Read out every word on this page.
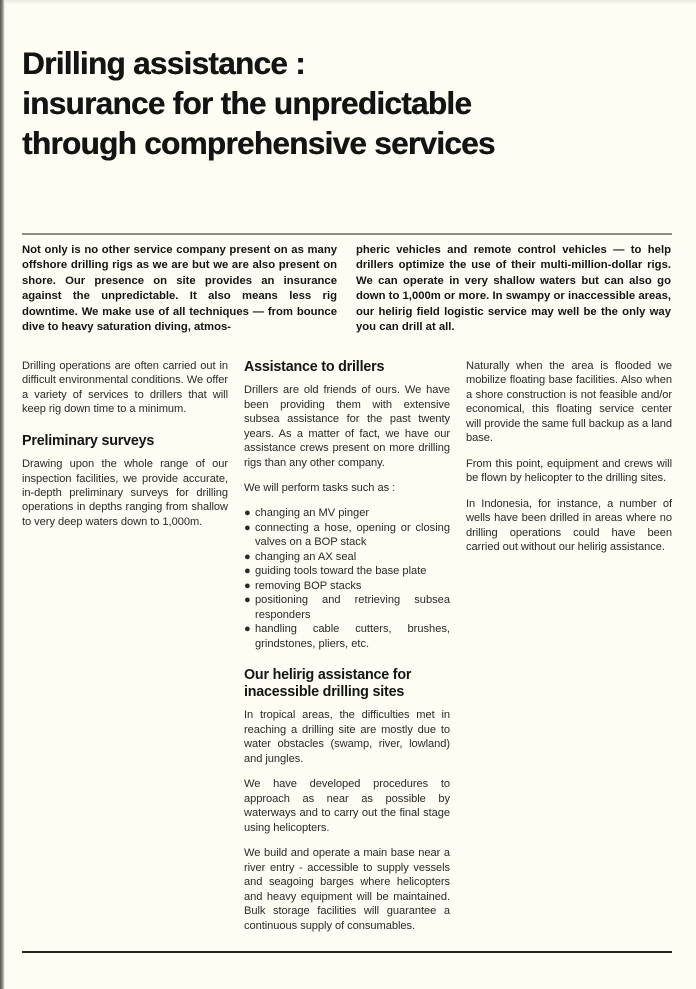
Drilling assistance :
insurance for the unpredictable
through comprehensive services
Not only is no other service company present on as many offshore drilling rigs as we are but we are also present on shore. Our presence on site provides an insurance against the unpredictable. It also means less rig downtime. We make use of all techniques — from bounce dive to heavy saturation diving, atmos-
pheric vehicles and remote control vehicles — to help drillers optimize the use of their multi-million-dollar rigs. We can operate in very shallow waters but can also go down to 1,000m or more. In swampy or inaccessible areas, our helirig field logistic service may well be the only way you can drill at all.

Drilling operations are often carried out in difficult environmental conditions. We offer a variety of services to drillers that will keep rig down time to a minimum.

Preliminary surveys

Drawing upon the whole range of our inspection facilities, we provide accurate, in-depth preliminary surveys for drilling operations in depths ranging from shallow to very deep waters down to 1,000m.

Assistance to drillers

Drillers are old friends of ours. We have been providing them with extensive subsea assistance for the past twenty years. As a matter of fact, we have our assistance crews present on more drilling rigs than any other company.

We will perform tasks such as :

● changing an MV pinger
● connecting a hose, opening or closing valves on a BOP stack
● changing an AX seal
● guiding tools toward the base plate
● removing BOP stacks
● positioning and retrieving subsea responders
● handling cable cutters, brushes, grindstones, pliers, etc.
Our helirig assistance for
inacessible drilling sites

In tropical areas, the difficulties met in reaching a drilling site are mostly due to water obstacles (swamp, river, lowland) and jungles.

We have developed procedures to approach as near as possible by waterways and to carry out the final stage using helicopters.

We build and operate a main base near a river entry - accessible to supply vessels and seagoing barges where helicopters and heavy equipment will be maintained. Bulk storage facilities will guarantee a continuous supply of consumables.

Naturally when the area is flooded we mobilize floating base facilities. Also when a shore construction is not feasible and/or economical, this floating service center will provide the same full backup as a land base.

From this point, equipment and crews will be flown by helicopter to the drilling sites.

In Indonesia, for instance, a number of wells have been drilled in areas where no drilling operations could have been carried out without our helirig assistance.
